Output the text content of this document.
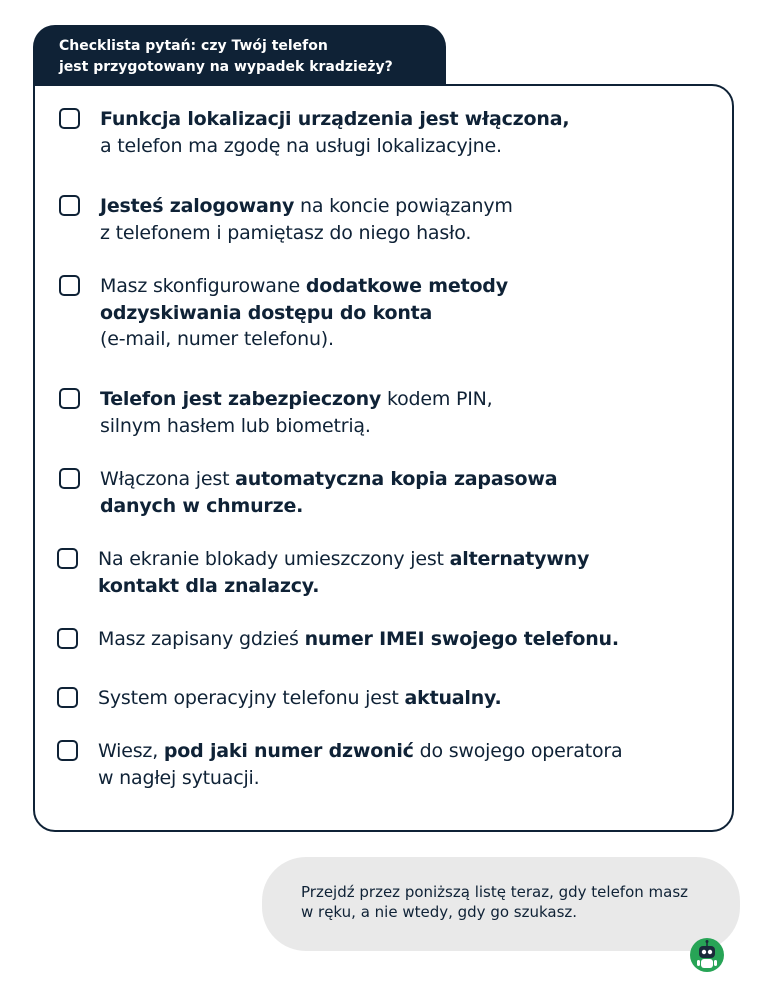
Checklista pytań: czy Twój telefon
jest przygotowany na wypadek kradzieży?
Funkcja lokalizacji urządzenia jest włączona,
a telefon ma zgodę na usługi lokalizacyjne.
Jesteś zalogowany na koncie powiązanym
z telefonem i pamiętasz do niego hasło.
Masz skonfigurowane dodatkowe metody
odzyskiwania dostępu do konta
(e-mail, numer telefonu).
Telefon jest zabezpieczony kodem PIN,
silnym hasłem lub biometrią.
Włączona jest automatyczna kopia zapasowa
danych w chmurze.
Na ekranie blokady umieszczony jest alternatywny
kontakt dla znalazcy.
Masz zapisany gdzieś numer IMEI swojego telefonu.
System operacyjny telefonu jest aktualny.
Wiesz, pod jaki numer dzwonić do swojego operatora
w nagłej sytuacji.
Przejdź przez poniższą listę teraz, gdy telefon masz
w ręku, a nie wtedy, gdy go szukasz.
